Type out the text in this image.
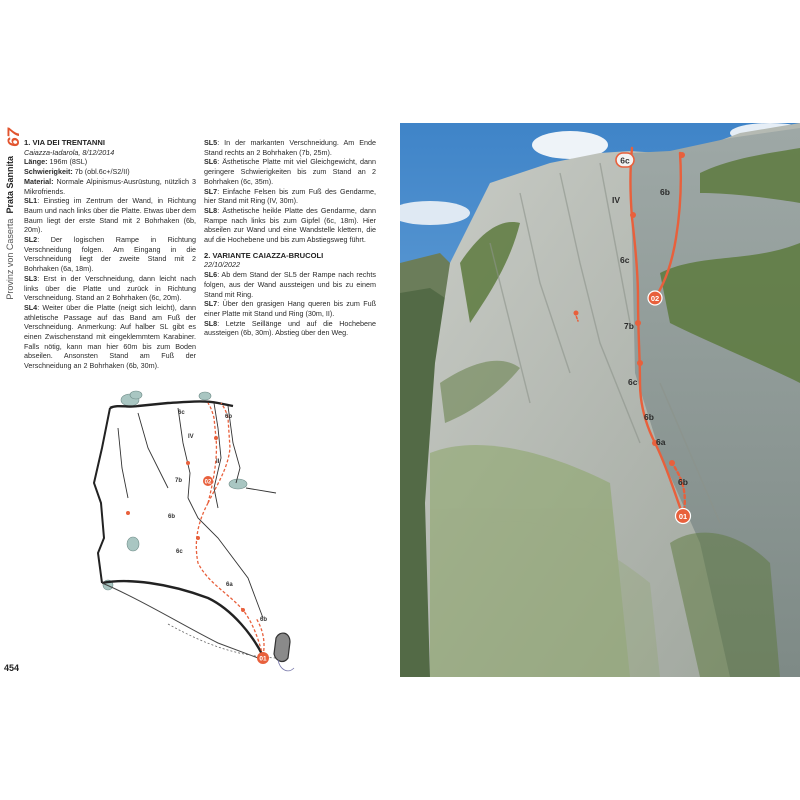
67
Provinz von Caserta  Prata Sannita
1. VIA DEI TRENTANNI

Caiazza-Iadarola, 8/12/2014

Länge: 196m (8SL)

Schwierigkeit: 7b (obl.6c+/S2/II)

Material: Normale Alpinismus-Ausrüstung, nützlich 3 Mikrofriends.

SL1: Einstieg im Zentrum der Wand, in Richtung Baum und nach links über die Platte. Etwas über dem Baum liegt der erste Stand mit 2 Bohrhaken (6b, 20m).

SL2: Der logischen Rampe in Richtung Verschneidung folgen. Am Eingang in die Verschneidung liegt der zweite Stand mit 2 Bohrhaken (6a, 18m).

SL3: Erst in der Verschneidung, dann leicht nach links über die Platte und zurück in Richtung Verschneidung. Stand an 2 Bohrhaken (6c, 20m).

SL4: Weiter über die Platte (neigt sich leicht), dann athletische Passage auf das Band am Fuß der Verschneidung. Anmerkung: Auf halber SL gibt es einen Zwischenstand mit eingeklemmtem Karabiner. Falls nötig, kann man hier 60m bis zum Boden abseilen. Ansonsten Stand am Fuß der Verschneidung an 2 Bohrhaken (6b, 30m).

SL5: In der markanten Verschneidung. Am Ende Stand rechts an 2 Bohrhaken (7b, 25m).

SL6: Ästhetische Platte mit viel Gleichgewicht, dann geringere Schwierigkeiten bis zum Stand an 2 Bohrhaken (6c, 35m).

SL7: Einfache Felsen bis zum Fuß des Gendarme, hier Stand mit Ring (IV, 30m).

SL8: Ästhetische heikle Platte des Gendarme, dann Rampe nach links bis zum Gipfel (6c, 18m). Hier abseilen zur Wand und eine Wandstelle klettern, die auf die Hochebene und bis zum Abstiegsweg führt.

2. VARIANTE CAIAZZA-BRUCOLI

22/10/2022

SL6: Ab dem Stand der SL5 der Rampe nach rechts folgen, aus der Wand aussteigen und bis zu einem Stand mit Ring.

SL7: Über den grasigen Hang queren bis zum Fuß einer Platte mit Stand und Ring (30m, II).

SL8: Letzte Seillänge und auf die Hochebene aussteigen (6b, 30m). Abstieg über den Weg.

02
01
6c
6b
IV
II
7b
6b
6c
6a
6b
454
02
01
6c
IV
6b
6c
7b
6c
6b
6a
6b
